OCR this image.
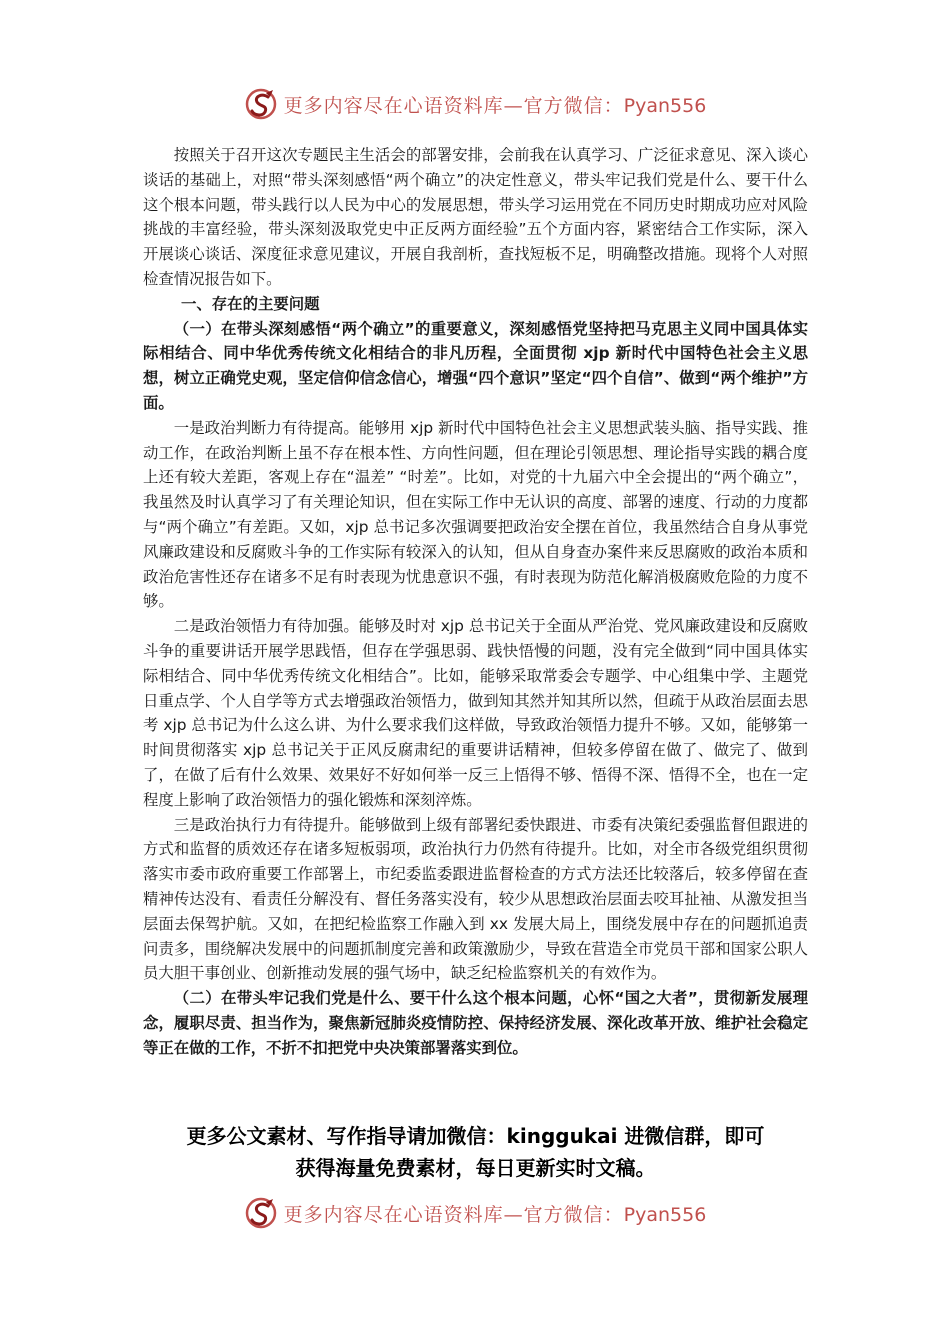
更多内容尽在心语资料库—官方微信：Pyan556

按照关于召开这次专题民主生活会的部署安排，会前我在认真学习、广泛征求意见、深入谈心谈话的基础上，对照“带头深刻感悟“两个确立”的决定性意义，带头牢记我们党是什么、要干什么这个根本问题，带头践行以人民为中心的发展思想，带头学习运用党在不同历史时期成功应对风险挑战的丰富经验，带头深刻汲取党史中正反两方面经验”五个方面内容，紧密结合工作实际，深入开展谈心谈话、深度征求意见建议，开展自我剖析，查找短板不足，明确整改措施。现将个人对照检查情况报告如下。

一、存在的主要问题

（一）在带头深刻感悟“两个确立”的重要意义，深刻感悟党坚持把马克思主义同中国具体实际相结合、同中华优秀传统文化相结合的非凡历程，全面贯彻 xjp 新时代中国特色社会主义思想，树立正确党史观，坚定信仰信念信心，增强“四个意识”坚定“四个自信”、做到“两个维护”方面。

一是政治判断力有待提高。能够用 xjp 新时代中国特色社会主义思想武装头脑、指导实践、推动工作，在政治判断上虽不存在根本性、方向性问题，但在理论引领思想、理论指导实践的耦合度上还有较大差距，客观上存在“温差” “时差”。比如，对党的十九届六中全会提出的“两个确立”，我虽然及时认真学习了有关理论知识，但在实际工作中无认识的高度、部署的速度、行动的力度都与“两个确立”有差距。又如，xjp 总书记多次强调要把政治安全摆在首位，我虽然结合自身从事党风廉政建设和反腐败斗争的工作实际有较深入的认知，但从自身查办案件来反思腐败的政治本质和政治危害性还存在诸多不足有时表现为忧患意识不强，有时表现为防范化解消极腐败危险的力度不够。

二是政治领悟力有待加强。能够及时对 xjp 总书记关于全面从严治党、党风廉政建设和反腐败斗争的重要讲话开展学思践悟，但存在学强思弱、践快悟慢的问题，没有完全做到“同中国具体实际相结合、同中华优秀传统文化相结合”。比如，能够采取常委会专题学、中心组集中学、主题党日重点学、个人自学等方式去增强政治领悟力，做到知其然并知其所以然，但疏于从政治层面去思考 xjp 总书记为什么这么讲、为什么要求我们这样做，导致政治领悟力提升不够。又如，能够第一时间贯彻落实 xjp 总书记关于正风反腐肃纪的重要讲话精神，但较多停留在做了、做完了、做到了，在做了后有什么效果、效果好不好如何举一反三上悟得不够、悟得不深、悟得不全，也在一定程度上影响了政治领悟力的强化锻炼和深刻淬炼。

三是政治执行力有待提升。能够做到上级有部署纪委快跟进、市委有决策纪委强监督但跟进的方式和监督的质效还存在诸多短板弱项，政治执行力仍然有待提升。比如，对全市各级党组织贯彻落实市委市政府重要工作部署上，市纪委监委跟进监督检查的方式方法还比较落后，较多停留在查精神传达没有、看责任分解没有、督任务落实没有，较少从思想政治层面去咬耳扯袖、从激发担当层面去保驾护航。又如，在把纪检监察工作融入到 xx 发展大局上，围绕发展中存在的问题抓追责问责多，围绕解决发展中的问题抓制度完善和政策激励少，导致在营造全市党员干部和国家公职人员大胆干事创业、创新推动发展的强气场中，缺乏纪检监察机关的有效作为。

（二）在带头牢记我们党是什么、要干什么这个根本问题，心怀“国之大者”，贯彻新发展理念，履职尽责、担当作为，聚焦新冠肺炎疫情防控、保持经济发展、深化改革开放、维护社会稳定等正在做的工作，不折不扣把党中央决策部署落实到位。

更多公文素材、写作指导请加微信：kinggukai 进微信群，即可
获得海量免费素材，每日更新实时文稿。
更多内容尽在心语资料库—官方微信：Pyan556
